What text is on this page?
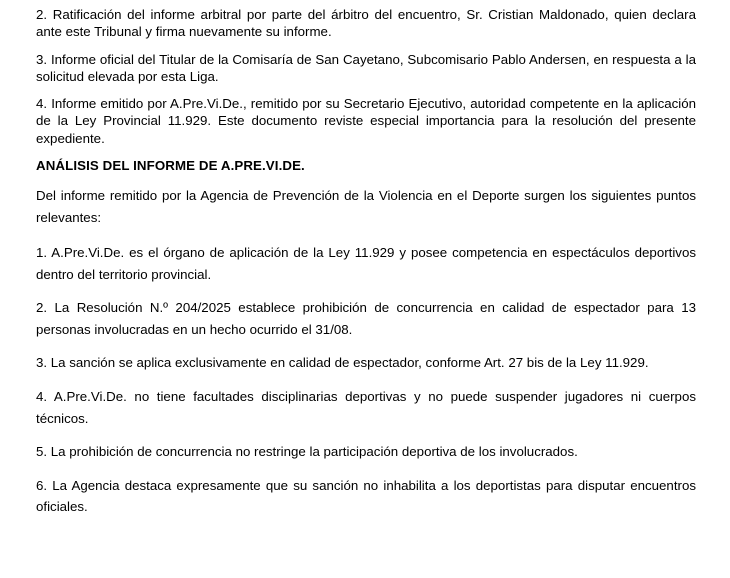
2. Ratificación del informe arbitral por parte del árbitro del encuentro, Sr. Cristian Maldonado, quien declara ante este Tribunal y firma nuevamente su informe.

3. Informe oficial del Titular de la Comisaría de San Cayetano, Subcomisario Pablo Andersen, en respuesta a la solicitud elevada por esta Liga.

4. Informe emitido por A.Pre.Vi.De., remitido por su Secretario Ejecutivo, autoridad competente en la aplicación de la Ley Provincial 11.929. Este documento reviste especial importancia para la resolución del presente expediente.

ANÁLISIS DEL INFORME DE A.PRE.VI.DE.

Del informe remitido por la Agencia de Prevención de la Violencia en el Deporte surgen los siguientes puntos relevantes:

1. A.Pre.Vi.De. es el órgano de aplicación de la Ley 11.929 y posee competencia en espectáculos deportivos dentro del territorio provincial.

2. La Resolución N.º 204/2025 establece prohibición de concurrencia en calidad de espectador para 13 personas involucradas en un hecho ocurrido el 31/08.

3. La sanción se aplica exclusivamente en calidad de espectador, conforme Art. 27 bis de la Ley 11.929.

4. A.Pre.Vi.De. no tiene facultades disciplinarias deportivas y no puede suspender jugadores ni cuerpos técnicos.

5. La prohibición de concurrencia no restringe la participación deportiva de los involucrados.

6. La Agencia destaca expresamente que su sanción no inhabilita a los deportistas para disputar encuentros oficiales.
